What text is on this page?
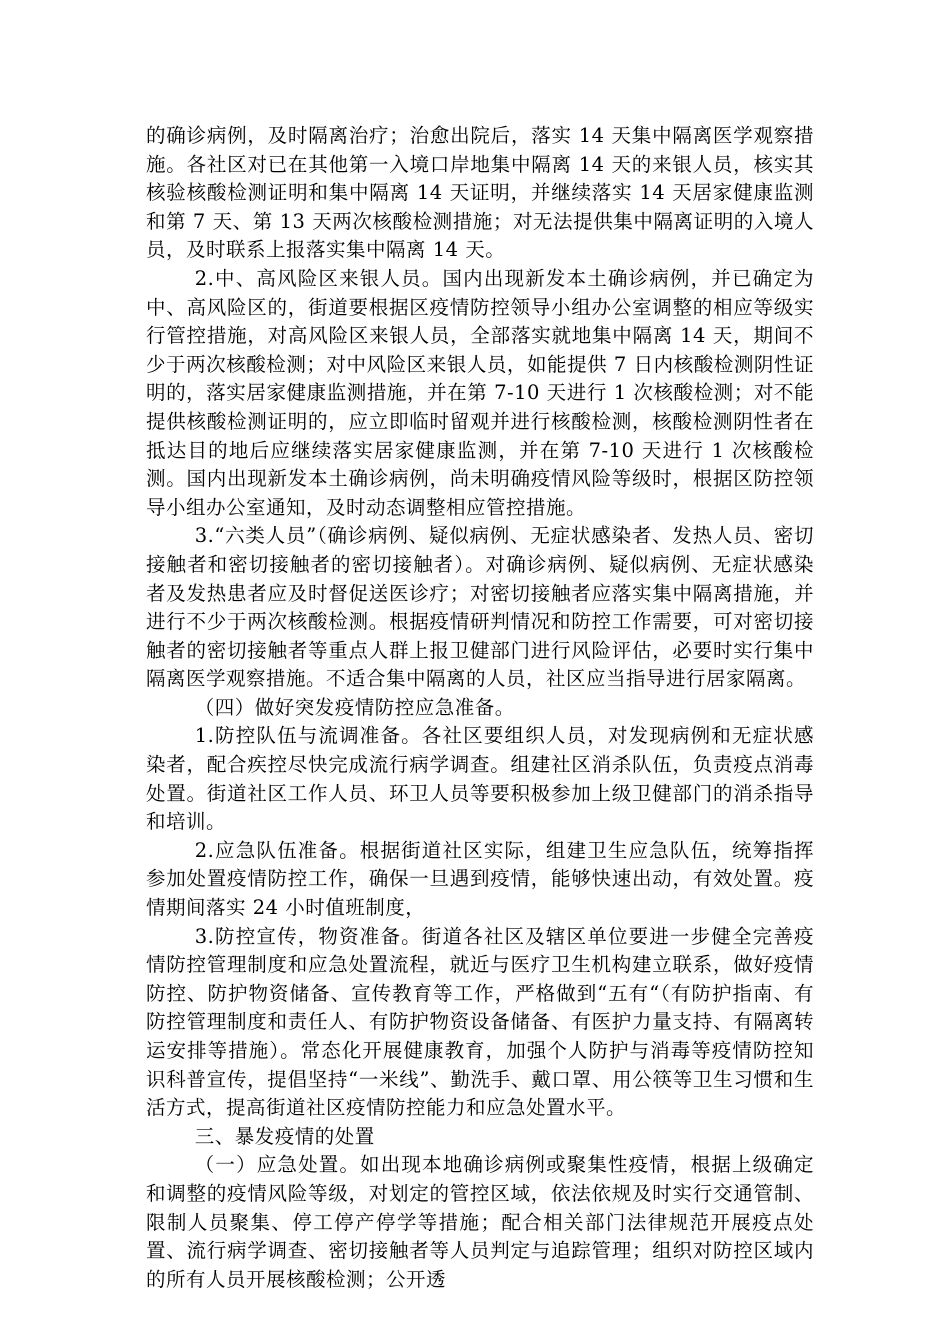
的确诊病例，及时隔离治疗；治愈出院后，落实 14 天集中隔离医学观察措施。各社区对已在其他第一入境口岸地集中隔离 14 天的来银人员，核实其核验核酸检测证明和集中隔离 14 天证明，并继续落实 14 天居家健康监测和第 7 天、第 13 天两次核酸检测措施；对无法提供集中隔离证明的入境人员，及时联系上报落实集中隔离 14 天。

2.中、高风险区来银人员。国内出现新发本土确诊病例，并已确定为中、高风险区的，街道要根据区疫情防控领导小组办公室调整的相应等级实行管控措施，对高风险区来银人员，全部落实就地集中隔离 14 天，期间不少于两次核酸检测；对中风险区来银人员，如能提供 7 日内核酸检测阴性证明的，落实居家健康监测措施，并在第 7-10 天进行 1 次核酸检测；对不能提供核酸检测证明的，应立即临时留观并进行核酸检测，核酸检测阴性者在抵达目的地后应继续落实居家健康监测，并在第 7-10 天进行 1 次核酸检测。国内出现新发本土确诊病例，尚未明确疫情风险等级时，根据区防控领导小组办公室通知，及时动态调整相应管控措施。

3.“六类人员”（确诊病例、疑似病例、无症状感染者、发热人员、密切接触者和密切接触者的密切接触者）。对确诊病例、疑似病例、无症状感染者及发热患者应及时督促送医诊疗；对密切接触者应落实集中隔离措施，并进行不少于两次核酸检测。根据疫情研判情况和防控工作需要，可对密切接触者的密切接触者等重点人群上报卫健部门进行风险评估，必要时实行集中隔离医学观察措施。不适合集中隔离的人员，社区应当指导进行居家隔离。

（四）做好突发疫情防控应急准备。

1.防控队伍与流调准备。各社区要组织人员，对发现病例和无症状感染者，配合疾控尽快完成流行病学调查。组建社区消杀队伍，负责疫点消毒处置。街道社区工作人员、环卫人员等要积极参加上级卫健部门的消杀指导和培训。

2.应急队伍准备。根据街道社区实际，组建卫生应急队伍，统筹指挥参加处置疫情防控工作，确保一旦遇到疫情，能够快速出动，有效处置。疫情期间落实 24 小时值班制度，

3.防控宣传，物资准备。街道各社区及辖区单位要进一步健全完善疫情防控管理制度和应急处置流程，就近与医疗卫生机构建立联系，做好疫情防控、防护物资储备、宣传教育等工作，严格做到“五有“（有防护指南、有防控管理制度和责任人、有防护物资设备储备、有医护力量支持、有隔离转运安排等措施）。常态化开展健康教育，加强个人防护与消毒等疫情防控知识科普宣传，提倡坚持“一米线”、勤洗手、戴口罩、用公筷等卫生习惯和生活方式，提高街道社区疫情防控能力和应急处置水平。

三、暴发疫情的处置

（一）应急处置。如出现本地确诊病例或聚集性疫情，根据上级确定和调整的疫情风险等级，对划定的管控区域，依法依规及时实行交通管制、限制人员聚集、停工停产停学等措施；配合相关部门法律规范开展疫点处置、流行病学调查、密切接触者等人员判定与追踪管理；组织对防控区域内的所有人员开展核酸检测；公开透
